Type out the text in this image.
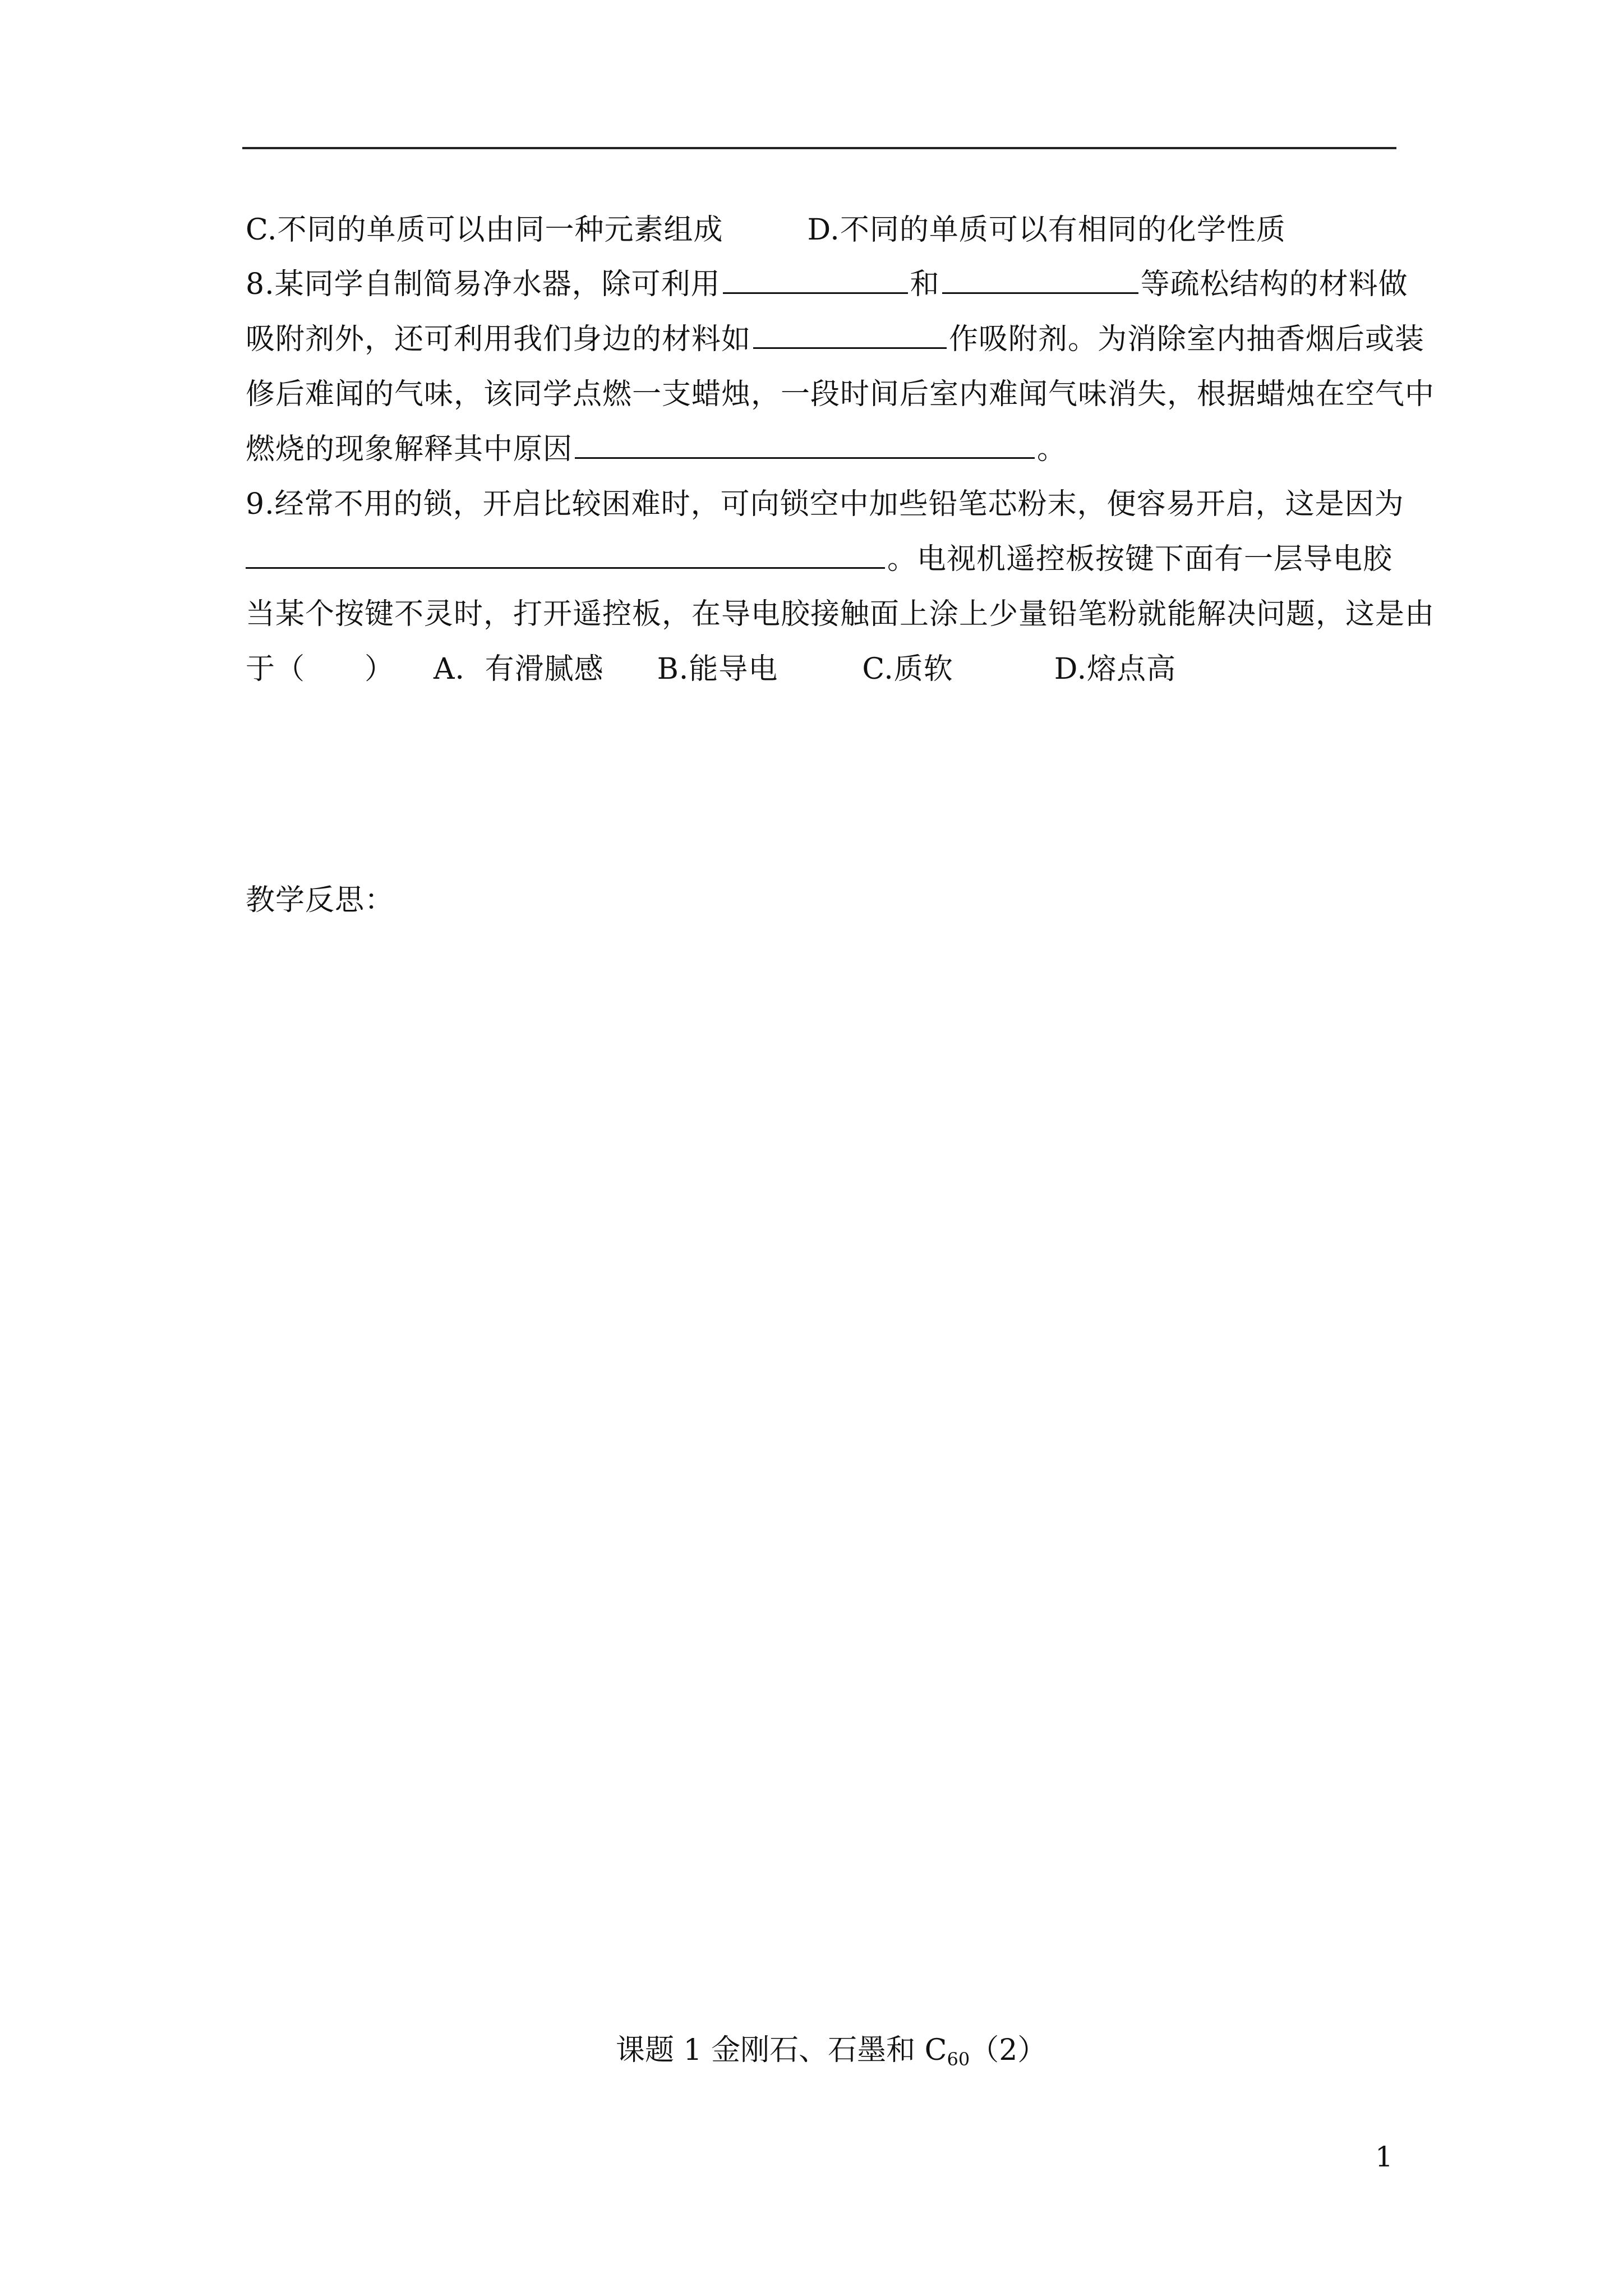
C.不同的单质可以由同一种元素组成	D.不同的单质可以有相同的化学性质
8.某同学自制简易净水器，除可利用	和	等疏松结构的材料做
吸附剂外，还可利用我们身边的材料如	作吸附剂。为消除室内抽香烟后或装
修后难闻的气味，该同学点燃一支蜡烛，一段时间后室内难闻气味消失，根据蜡烛在空气中
燃烧的现象解释其中原因	。
9.经常不用的锁，开启比较困难时，可向锁空中加些铅笔芯粉末，便容易开启，这是因为
。电视机遥控板按键下面有一层导电胶
当某个按键不灵时，打开遥控板，在导电胶接触面上涂上少量铅笔粉就能解决问题，这是由
于（　　） A．有滑腻感 B.能导电	C.质软	D.熔点高
教学反思：
课题 1 金刚石、石墨和 $C_{60}(2)$
1
